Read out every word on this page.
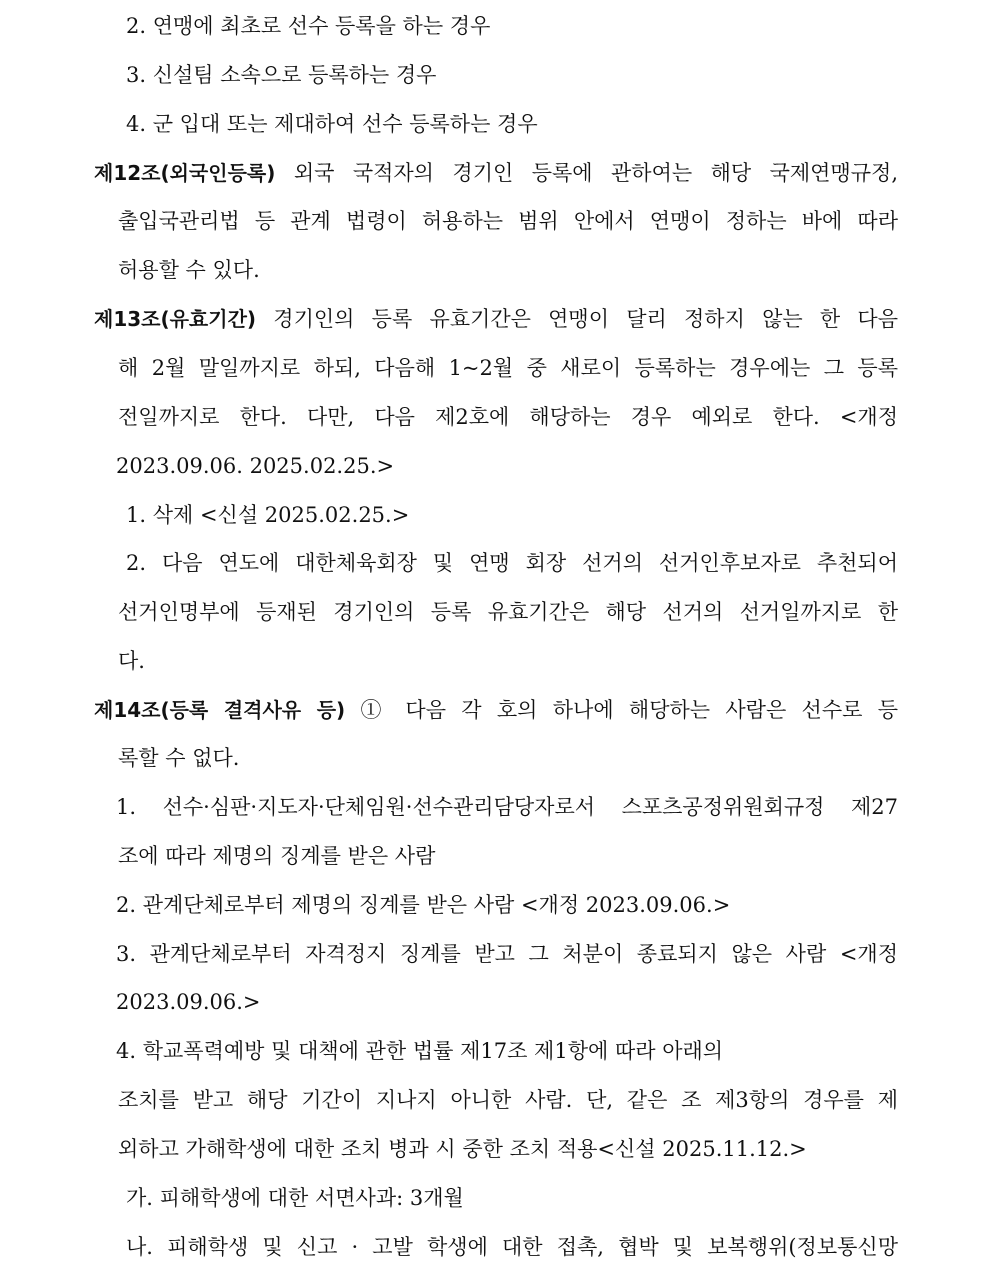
2. 연맹에 최초로 선수 등록을 하는 경우
3. 신설팀 소속으로 등록하는 경우
4. 군 입대 또는 제대하여 선수 등록하는 경우
제12조(외국인등록) 외국 국적자의 경기인 등록에 관하여는 해당 국제연맹규정,
출입국관리법 등 관계 법령이 허용하는 범위 안에서 연맹이 정하는 바에 따라
허용할 수 있다.
제13조(유효기간) 경기인의 등록 유효기간은 연맹이 달리 정하지 않는 한 다음
해 2월 말일까지로 하되, 다음해 1~2월 중 새로이 등록하는 경우에는 그 등록
전일까지로 한다. 다만, 다음 제2호에 해당하는 경우 예외로 한다. <개정
2023.09.06. 2025.02.25.>
1. 삭제 <신설 2025.02.25.>
2. 다음 연도에 대한체육회장 및 연맹 회장 선거의 선거인후보자로 추천되어
선거인명부에 등재된 경기인의 등록 유효기간은 해당 선거의 선거일까지로 한
다.
제14조(등록 결격사유 등) ① 다음 각 호의 하나에 해당하는 사람은 선수로 등
록할 수 없다.
1. 선수·심판·지도자·단체임원·선수관리담당자로서 스포츠공정위원회규정 제27
조에 따라 제명의 징계를 받은 사람
2. 관계단체로부터 제명의 징계를 받은 사람 <개정 2023.09.06.>
3. 관계단체로부터 자격정지 징계를 받고 그 처분이 종료되지 않은 사람 <개정
2023.09.06.>
4. 학교폭력예방 및 대책에 관한 법률 제17조 제1항에 따라 아래의
조치를 받고 해당 기간이 지나지 아니한 사람. 단, 같은 조 제3항의 경우를 제
외하고 가해학생에 대한 조치 병과 시 중한 조치 적용<신설 2025.11.12.>
가. 피해학생에 대한 서면사과: 3개월
나. 피해학생 및 신고 · 고발 학생에 대한 접촉, 협박 및 보복행위(정보통신망
